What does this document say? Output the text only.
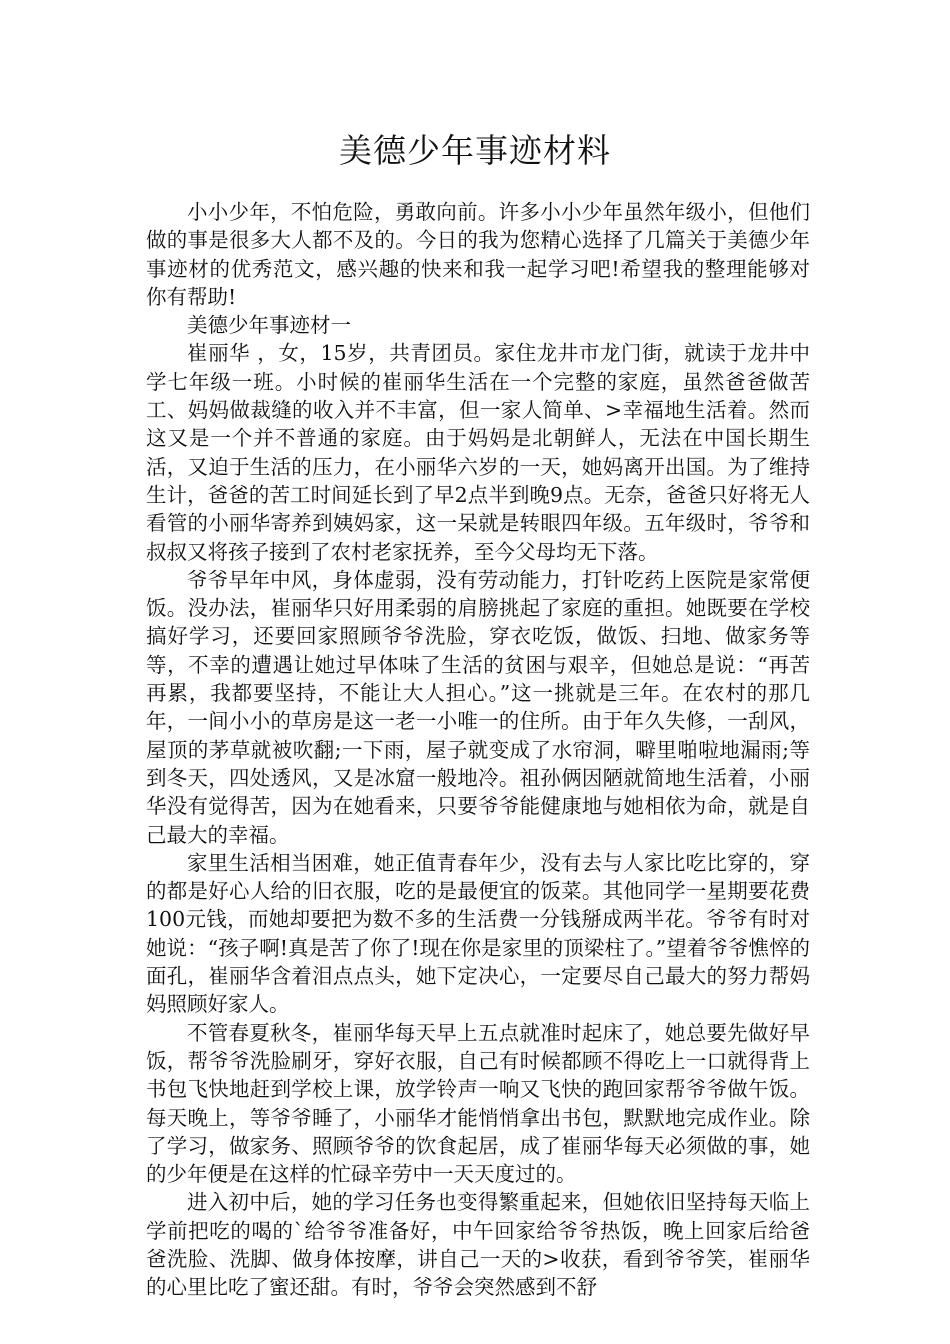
美德少年事迹材料

小小少年，不怕危险，勇敢向前。许多小小少年虽然年级小，但他们做的事是很多大人都不及的。今日的我为您精心选择了几篇关于美德少年事迹材的优秀范文，感兴趣的快来和我一起学习吧!希望我的整理能够对你有帮助!

美德少年事迹材一

崔丽华 ，女，15岁，共青团员。家住龙井市龙门街，就读于龙井中学七年级一班。小时候的崔丽华生活在一个完整的家庭，虽然爸爸做苦工、妈妈做裁缝的收入并不丰富，但一家人简单、>幸福地生活着。然而这又是一个并不普通的家庭。由于妈妈是北朝鲜人，无法在中国长期生活，又迫于生活的压力，在小丽华六岁的一天，她妈离开出国。为了维持生计，爸爸的苦工时间延长到了早2点半到晚9点。无奈，爸爸只好将无人看管的小丽华寄养到姨妈家，这一呆就是转眼四年级。五年级时，爷爷和叔叔又将孩子接到了农村老家抚养，至今父母均无下落。

爷爷早年中风，身体虚弱，没有劳动能力，打针吃药上医院是家常便饭。没办法，崔丽华只好用柔弱的肩膀挑起了家庭的重担。她既要在学校搞好学习，还要回家照顾爷爷洗脸，穿衣吃饭，做饭、扫地、做家务等等，不幸的遭遇让她过早体味了生活的贫困与艰辛，但她总是说：“再苦再累，我都要坚持，不能让大人担心。”这一挑就是三年。在农村的那几年，一间小小的草房是这一老一小唯一的住所。由于年久失修，一刮风，屋顶的茅草就被吹翻;一下雨，屋子就变成了水帘洞，噼里啪啦地漏雨;等到冬天，四处透风，又是冰窟一般地冷。祖孙俩因陋就简地生活着，小丽华没有觉得苦，因为在她看来，只要爷爷能健康地与她相依为命，就是自己最大的幸福。

家里生活相当困难，她正值青春年少，没有去与人家比吃比穿的，穿的都是好心人给的旧衣服，吃的是最便宜的饭菜。其他同学一星期要花费100元钱，而她却要把为数不多的生活费一分钱掰成两半花。爷爷有时对她说：“孩子啊!真是苦了你了!现在你是家里的顶梁柱了。”望着爷爷憔悴的面孔，崔丽华含着泪点点头，她下定决心，一定要尽自己最大的努力帮妈妈照顾好家人。

不管春夏秋冬，崔丽华每天早上五点就准时起床了，她总要先做好早饭，帮爷爷洗脸刷牙，穿好衣服，自己有时候都顾不得吃上一口就得背上书包飞快地赶到学校上课，放学铃声一响又飞快的跑回家帮爷爷做午饭。每天晚上，等爷爷睡了，小丽华才能悄悄拿出书包，默默地完成作业。除了学习，做家务、照顾爷爷的饮食起居，成了崔丽华每天必须做的事，她的少年便是在这样的忙碌辛劳中一天天度过的。

进入初中后，她的学习任务也变得繁重起来，但她依旧坚持每天临上学前把吃的喝的`给爷爷准备好，中午回家给爷爷热饭，晚上回家后给爸爸洗脸、洗脚、做身体按摩，讲自己一天的>收获，看到爷爷笑，崔丽华的心里比吃了蜜还甜。有时，爷爷会突然感到不舒
